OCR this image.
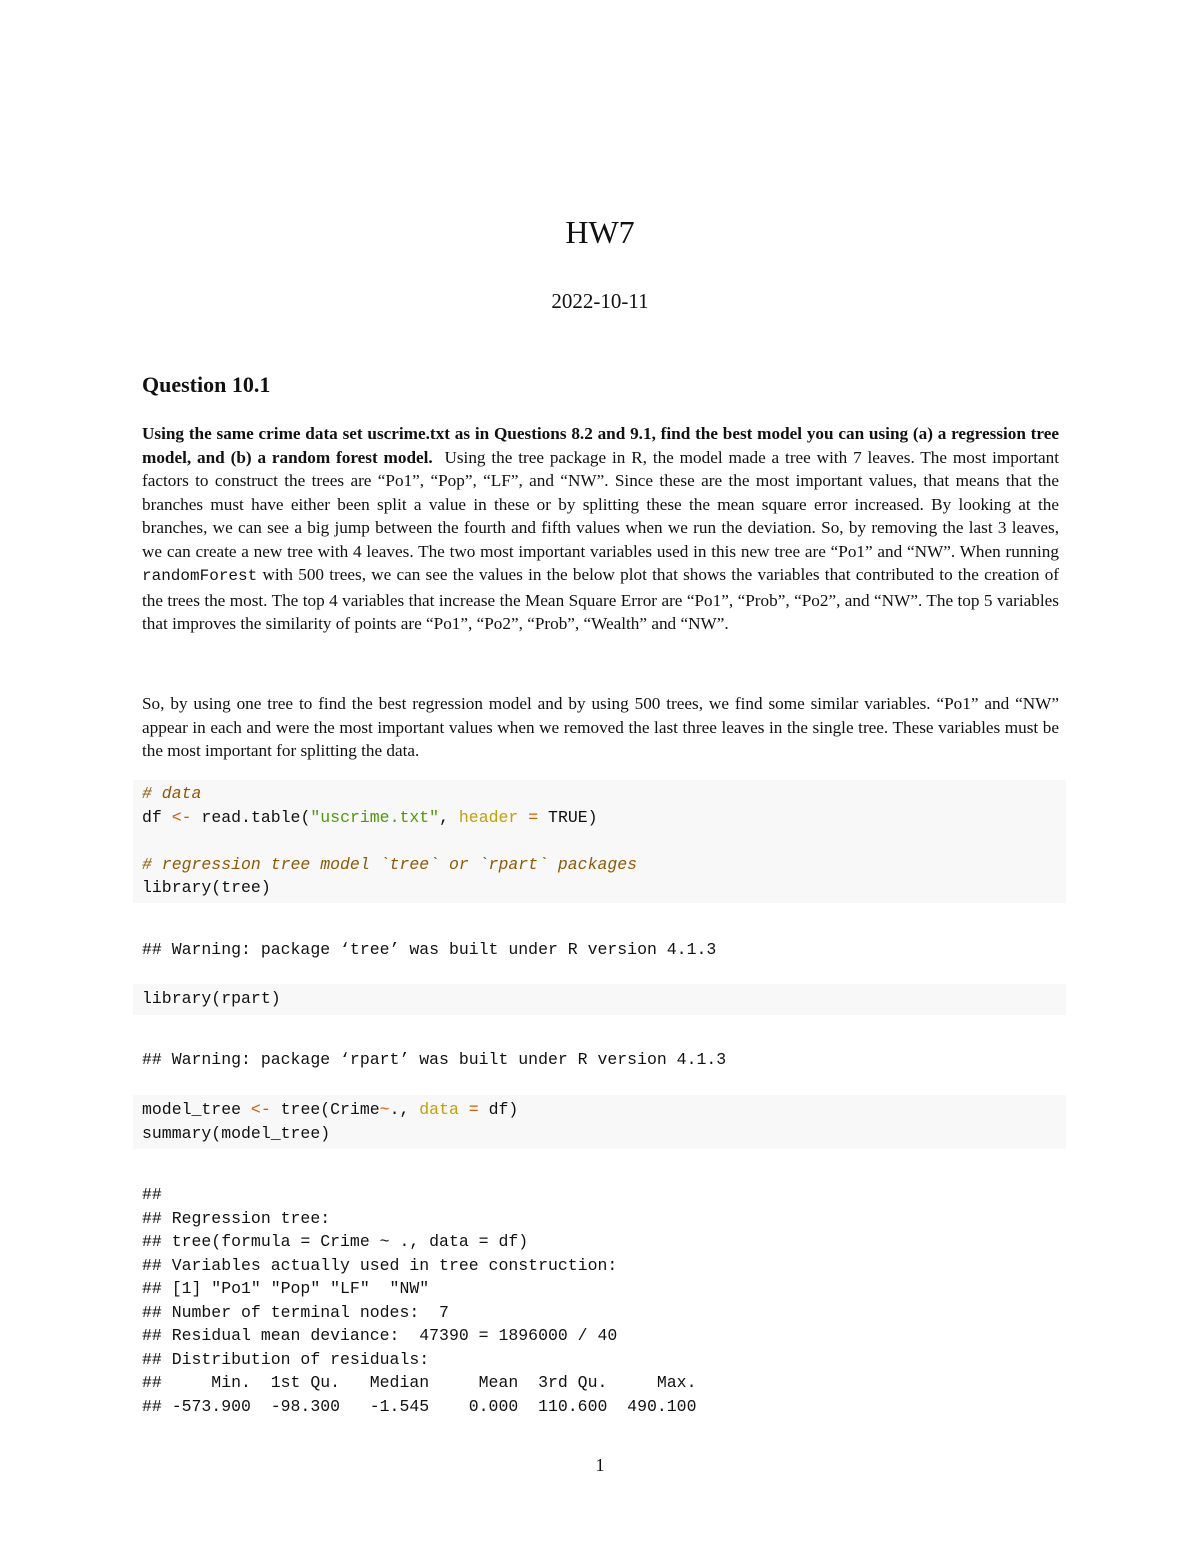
HW7
2022-10-11
Question 10.1

Using the same crime data set uscrime.txt as in Questions 8.2 and 9.1, find the best model you can using (a) a regression tree model, and (b) a random forest model. Using the tree package in R, the model made a tree with 7 leaves. The most important factors to construct the trees are “Po1”, “Pop”, “LF”, and “NW”. Since these are the most important values, that means that the branches must have either been split a value in these or by splitting these the mean square error increased. By looking at the branches, we can see a big jump between the fourth and fifth values when we run the deviation. So, by removing the last 3 leaves, we can create a new tree with 4 leaves. The two most important variables used in this new tree are “Po1” and “NW”. When running randomForest with 500 trees, we can see the values in the below plot that shows the variables that contributed to the creation of the trees the most. The top 4 variables that increase the Mean Square Error are “Po1”, “Prob”, “Po2”, and “NW”. The top 5 variables that improves the similarity of points are “Po1”, “Po2”, “Prob”, “Wealth” and “NW”.

So, by using one tree to find the best regression model and by using 500 trees, we find some similar variables. “Po1” and “NW” appear in each and were the most important values when we removed the last three leaves in the single tree. These variables must be the most important for splitting the data.

# data
df <- read.table("uscrime.txt", header = TRUE)
# regression tree model `tree` or `rpart` packages
library(tree)
## Warning: package ‘tree’ was built under R version 4.1.3
library(rpart)
## Warning: package ‘rpart’ was built under R version 4.1.3
model_tree <- tree(Crime~., data = df)
summary(model_tree)
##
## Regression tree:
## tree(formula = Crime ~ ., data = df)
## Variables actually used in tree construction:
## [1] "Po1" "Pop" "LF"  "NW"
## Number of terminal nodes:  7
## Residual mean deviance:  47390 = 1896000 / 40
## Distribution of residuals:
##     Min.  1st Qu.   Median     Mean  3rd Qu.     Max.
## -573.900  -98.300   -1.545    0.000  110.600  490.100
1
